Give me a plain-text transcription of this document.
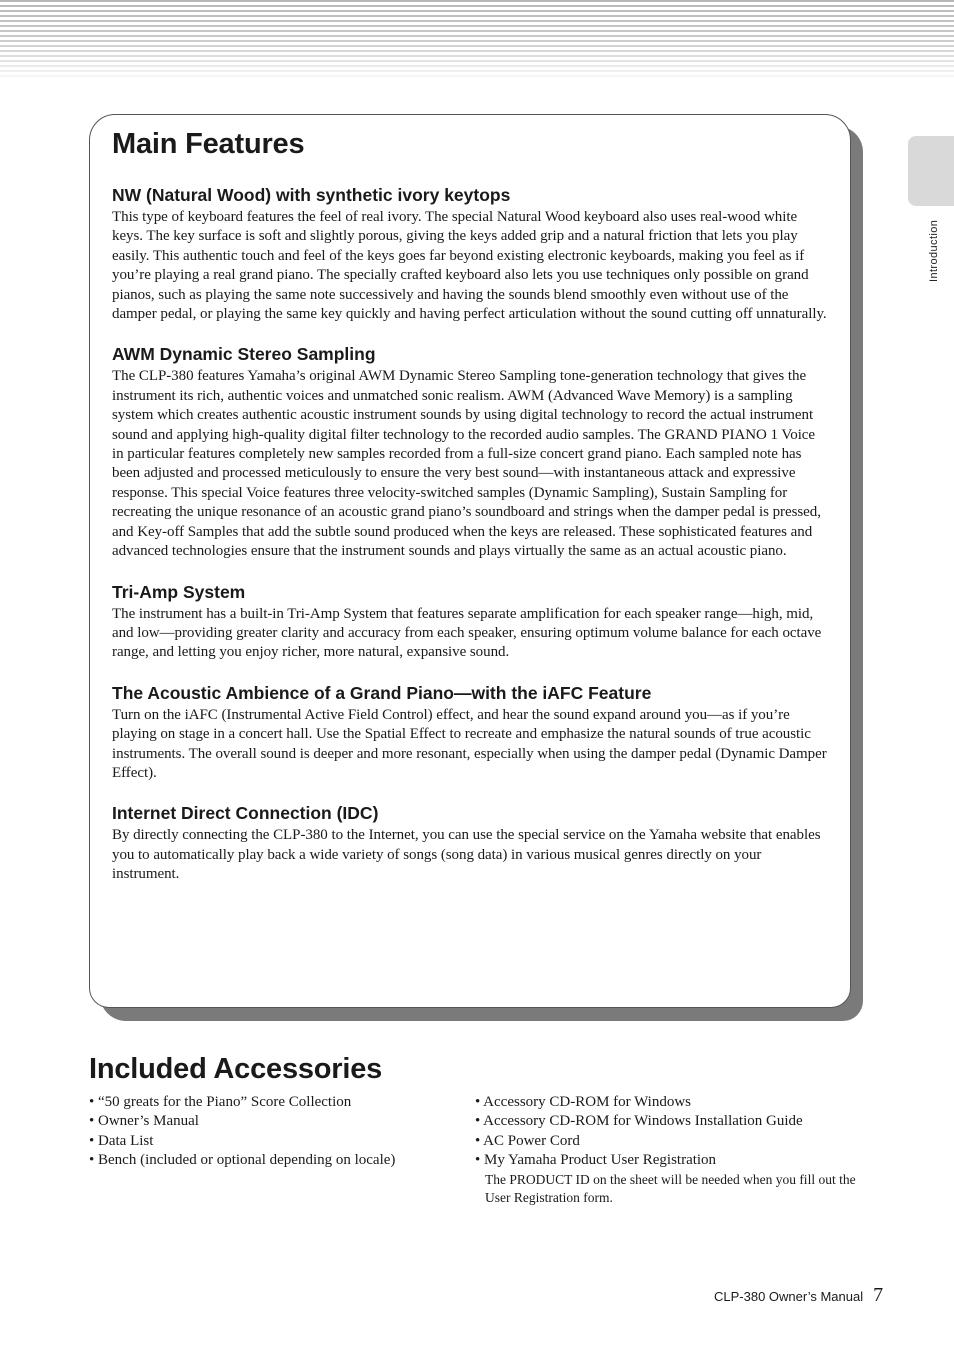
Introduction
Main Features
NW (Natural Wood) with synthetic ivory keytops

This type of keyboard features the feel of real ivory. The special Natural Wood keyboard also uses real-wood white keys. The key surface is soft and slightly porous, giving the keys added grip and a natural friction that lets you play easily. This authentic touch and feel of the keys goes far beyond existing electronic keyboards, making you feel as if you’re playing a real grand piano. The specially crafted keyboard also lets you use techniques only possible on grand pianos, such as playing the same note successively and having the sounds blend smoothly even without use of the damper pedal, or playing the same key quickly and having perfect articulation without the sound cutting off unnaturally.

AWM Dynamic Stereo Sampling

The CLP-380 features Yamaha’s original AWM Dynamic Stereo Sampling tone-generation technology that gives the instrument its rich, authentic voices and unmatched sonic realism. AWM (Advanced Wave Memory) is a sampling system which creates authentic acoustic instrument sounds by using digital technology to record the actual instrument sound and applying high-quality digital filter technology to the recorded audio samples. The GRAND PIANO 1 Voice in particular features completely new samples recorded from a full-size concert grand piano. Each sampled note has been adjusted and processed meticulously to ensure the very best sound—with instantaneous attack and expressive response. This special Voice features three velocity-switched samples (Dynamic Sampling), Sustain Sampling for recreating the unique resonance of an acoustic grand piano’s soundboard and strings when the damper pedal is pressed, and Key-off Samples that add the subtle sound produced when the keys are released. These sophisticated features and advanced technologies ensure that the instrument sounds and plays virtually the same as an actual acoustic piano.

Tri-Amp System

The instrument has a built-in Tri-Amp System that features separate amplification for each speaker range—high, mid, and low—providing greater clarity and accuracy from each speaker, ensuring optimum volume balance for each octave range, and letting you enjoy richer, more natural, expansive sound.

The Acoustic Ambience of a Grand Piano—with the iAFC Feature

Turn on the iAFC (Instrumental Active Field Control) effect, and hear the sound expand around you—as if you’re playing on stage in a concert hall. Use the Spatial Effect to recreate and emphasize the natural sounds of true acoustic instruments. The overall sound is deeper and more resonant, especially when using the damper pedal (Dynamic Damper Effect).

Internet Direct Connection (IDC)

By directly connecting the CLP-380 to the Internet, you can use the special service on the Yamaha website that enables you to automatically play back a wide variety of songs (song data) in various musical genres directly on your instrument.

Included Accessories
• “50 greats for the Piano” Score Collection
• Owner’s Manual
• Data List
• Bench (included or optional depending on locale)
• Accessory CD-ROM for Windows
• Accessory CD-ROM for Windows Installation Guide
• AC Power Cord
• My Yamaha Product User Registration
The PRODUCT ID on the sheet will be needed when you fill out the User Registration form.
CLP-380 Owner’s Manual 7
